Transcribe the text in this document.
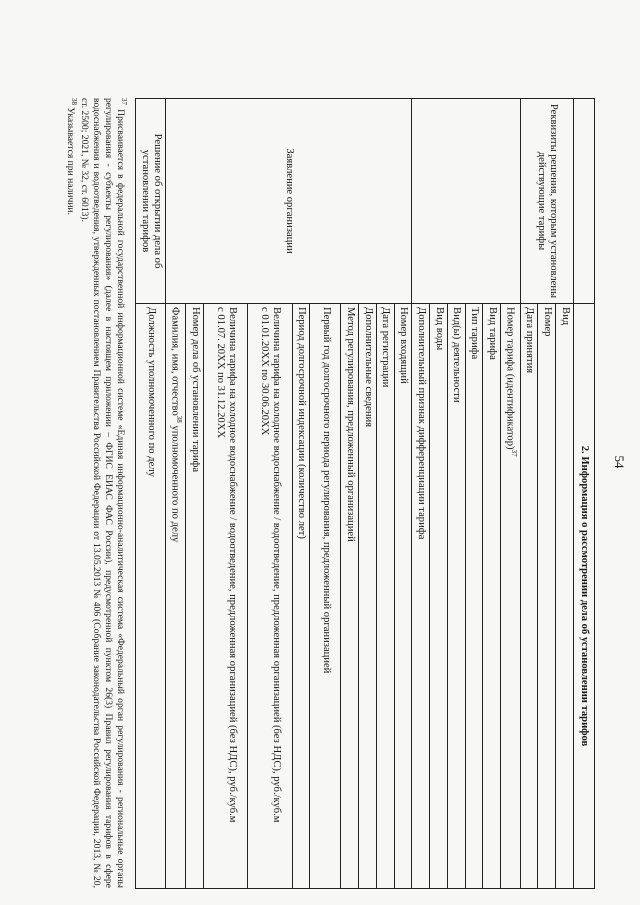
54
	2. Информация о рассмотрении дела об установлении тарифов
Реквизиты решения, которым установлены действующие тарифы	Вид
	Номер
	Дата принятия
	Номер тарифа (идентификатор)$^{37}$
	Вид тарифа
	Тип тарифа
	Вид(ы) деятельности
	Вид воды
	Дополнительный признак дифференциации тарифа
Заявление организации	Номер входящий
	Дата регистрации
	Дополнительные сведения
	Метод регулирования, предложенный организацией
	Первый год долгосрочного периода регулирования, предложенный организацией
	Период долгосрочной индексации (количество лет)
	Величина тарифа на холодное водоснабжение / водоотведение, предложенная организацией (без НДС), руб./куб.м
с 01.01.20XX по 30.06.20XX
	Величина тарифа на холодное водоснабжение / водоотведение, предложенная организацией (без НДС), руб./куб.м
с 01.07. 20XX по 31.12.20XX
	Номер дела об установлении тарифа
	Фамилия, имя, отчество$^{38}$ уполномоченного по делу
Решение об открытии дела об установлении тарифов	Должность уполномоченного по делу

$^{37}$ Присваивается в федеральной государственной информационной системе «Единая информационно-аналитическая система «Федеральный орган регулирования - региональные органы регулирования - субъекты регулирования» (далее в настоящем приложении – ФГИС ЕИАС ФАС России), предусмотренной пунктом 26(3) Правил регулирования тарифов в сфере водоснабжения и водоотведения, утвержденных постановлением Правительства Российской Федерации от 13.05.2013 № 406 (Собрание законодательства Российской Федерации, 2013, № 20, ст. 2500; 2021, № 32, ст. 6013).

$^{38}$ Указывается при наличии.
